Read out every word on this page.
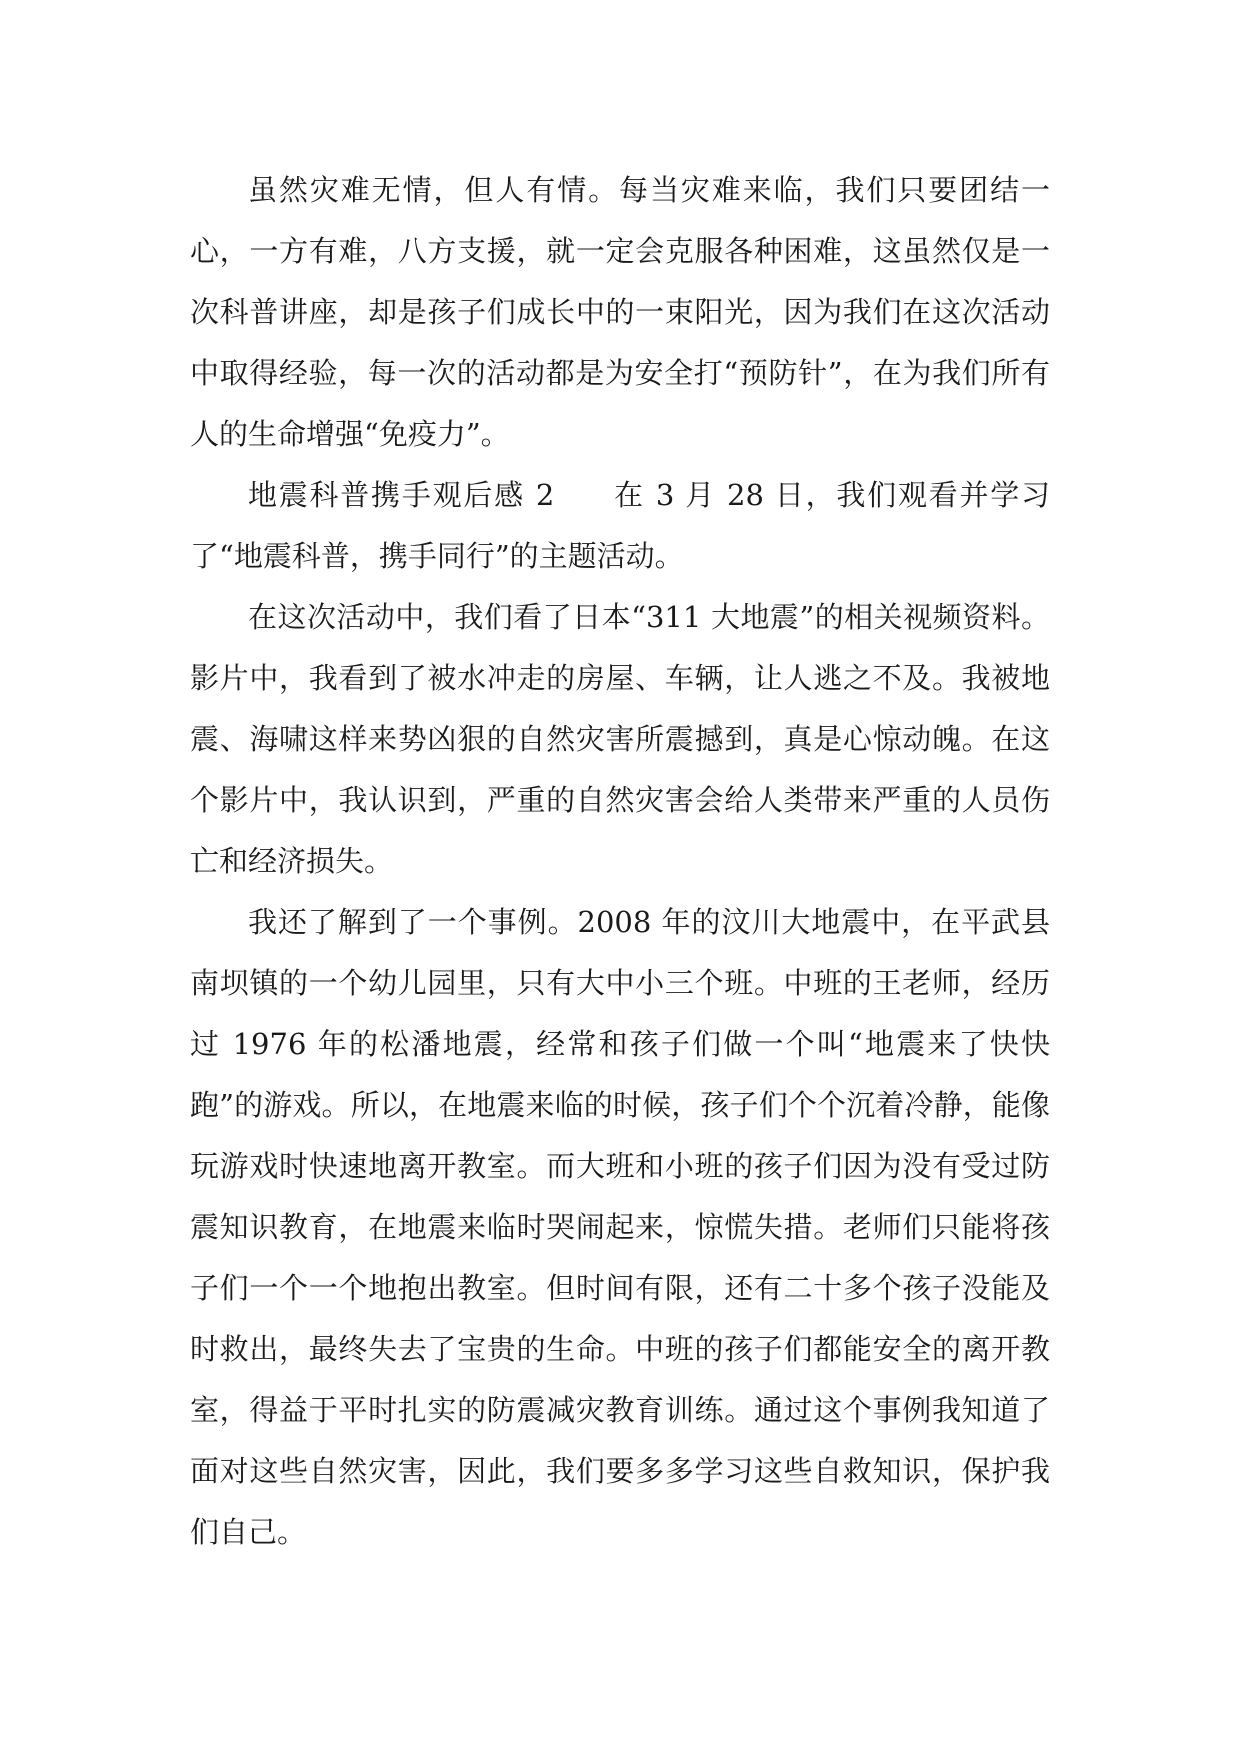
虽然灾难无情，但人有情。每当灾难来临，我们只要团结一心，一方有难，八方支援，就一定会克服各种困难，这虽然仅是一次科普讲座，却是孩子们成长中的一束阳光，因为我们在这次活动中取得经验，每一次的活动都是为安全打“预防针”，在为我们所有人的生命增强“免疫力”。

地震科普携手观后感 2 在 3 月 28 日，我们观看并学习了“地震科普，携手同行”的主题活动。

在这次活动中，我们看了日本“311 大地震”的相关视频资料。影片中，我看到了被水冲走的房屋、车辆，让人逃之不及。我被地震、海啸这样来势凶狠的自然灾害所震撼到，真是心惊动魄。在这个影片中，我认识到，严重的自然灾害会给人类带来严重的人员伤亡和经济损失。

我还了解到了一个事例。2008 年的汶川大地震中，在平武县南坝镇的一个幼儿园里，只有大中小三个班。中班的王老师，经历过 1976 年的松潘地震，经常和孩子们做一个叫“地震来了快快跑”的游戏。所以，在地震来临的时候，孩子们个个沉着冷静，能像玩游戏时快速地离开教室。而大班和小班的孩子们因为没有受过防震知识教育，在地震来临时哭闹起来，惊慌失措。老师们只能将孩子们一个一个地抱出教室。但时间有限，还有二十多个孩子没能及时救出，最终失去了宝贵的生命。中班的孩子们都能安全的离开教室，得益于平时扎实的防震减灾教育训练。通过这个事例我知道了面对这些自然灾害，因此，我们要多多学习这些自救知识，保护我们自己。
